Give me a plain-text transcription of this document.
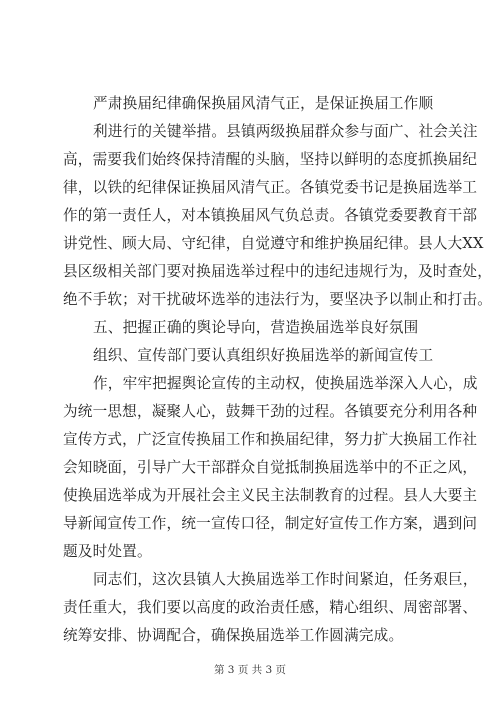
严肃换届纪律确保换届风清气正，是保证换届工作顺
利进行的关键举措。县镇两级换届群众参与面广、社会关注
高，需要我们始终保持清醒的头脑，坚持以鲜明的态度抓换届纪
律，以铁的纪律保证换届风清气正。各镇党委书记是换届选举工
作的第一责任人，对本镇换届风气负总责。各镇党委要教育干部
讲党性、顾大局、守纪律，自觉遵守和维护换届纪律。县人大XX
县区级相关部门要对换届选举过程中的违纪违规行为，及时查处，
绝不手软；对干扰破坏选举的违法行为，要坚决予以制止和打击。
五、把握正确的舆论导向，营造换届选举良好氛围
组织、宣传部门要认真组织好换届选举的新闻宣传工
作，牢牢把握舆论宣传的主动权，使换届选举深入人心，成
为统一思想，凝聚人心，鼓舞干劲的过程。各镇要充分利用各种
宣传方式，广泛宣传换届工作和换届纪律，努力扩大换届工作社
会知晓面，引导广大干部群众自觉抵制换届选举中的不正之风，
使换届选举成为开展社会主义民主法制教育的过程。县人大要主
导新闻宣传工作，统一宣传口径，制定好宣传工作方案，遇到问
题及时处置。
同志们，这次县镇人大换届选举工作时间紧迫，任务艰巨，
责任重大，我们要以高度的政治责任感，精心组织、周密部署、
统筹安排、协调配合，确保换届选举工作圆满完成。
第 3 页 共 3 页
